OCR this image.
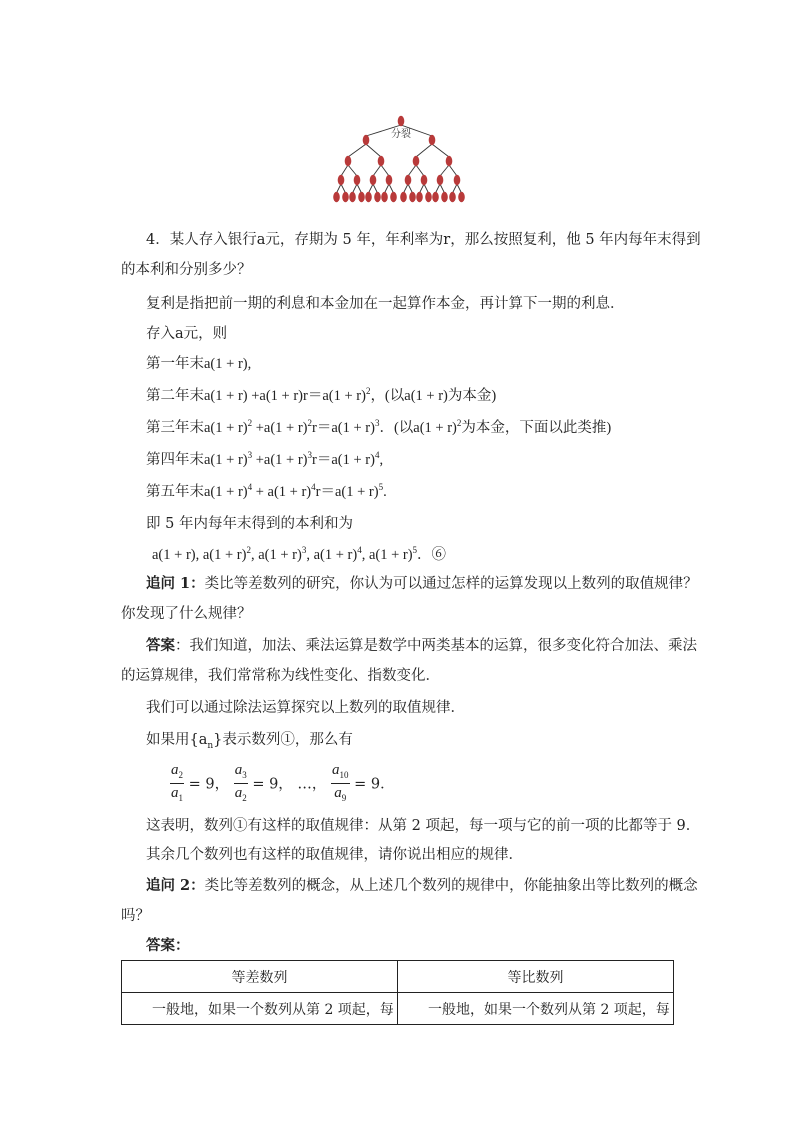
分裂
4．某人存入银行a元，存期为 5 年，年利率为r，那么按照复利，他 5 年内每年末得到
的本利和分别多少？
复利是指把前一期的利息和本金加在一起算作本金，再计算下一期的利息．
存入a元，则
第一年末a(1 + r),
第二年末$a(1 + r) +a(1 + r)r=a(1 + r)^2$，(以a(1 + r)为本金)
第三年末$a(1 + r)^2 +a(1 + r)^2r=a(1 + r)^3$．(以$a(1 + r)^2$为本金，下面以此类推)
第四年末$a(1 + r)^3 +a(1 + r)^3r=a(1 + r)^4$,
第五年末$a(1 + r)^4 + a(1 + r)^4r=a(1 + r)^5$.
即 5 年内每年末得到的本利和为
a(1 + r), $a(1 + r)^2$, $a(1 + r)^3$, $a(1 + r)^4$, $a(1 + r)^5$．⑥
追问 1：类比等差数列的研究，你认为可以通过怎样的运算发现以上数列的取值规律？
你发现了什么规律？
答案：我们知道，加法、乘法运算是数学中两类基本的运算，很多变化符合加法、乘法
的运算规律，我们常常称为线性变化、指数变化．
我们可以通过除法运算探究以上数列的取值规律．
如果用$\{a_n\}$表示数列①，那么有
$\frac{a_2}{a_1} = 9$， $\frac{a_3}{a_2} = 9$， …， $\frac{a_{10}}{a_9} = 9$．
这表明，数列①有这样的取值规律：从第 2 项起，每一项与它的前一项的比都等于 9．
其余几个数列也有这样的取值规律，请你说出相应的规律．
追问 2：类比等差数列的概念，从上述几个数列的规律中，你能抽象出等比数列的概念
吗？
答案：
等差数列	等比数列
一般地，如果一个数列从第 2 项起，每	一般地，如果一个数列从第 2 项起，每
